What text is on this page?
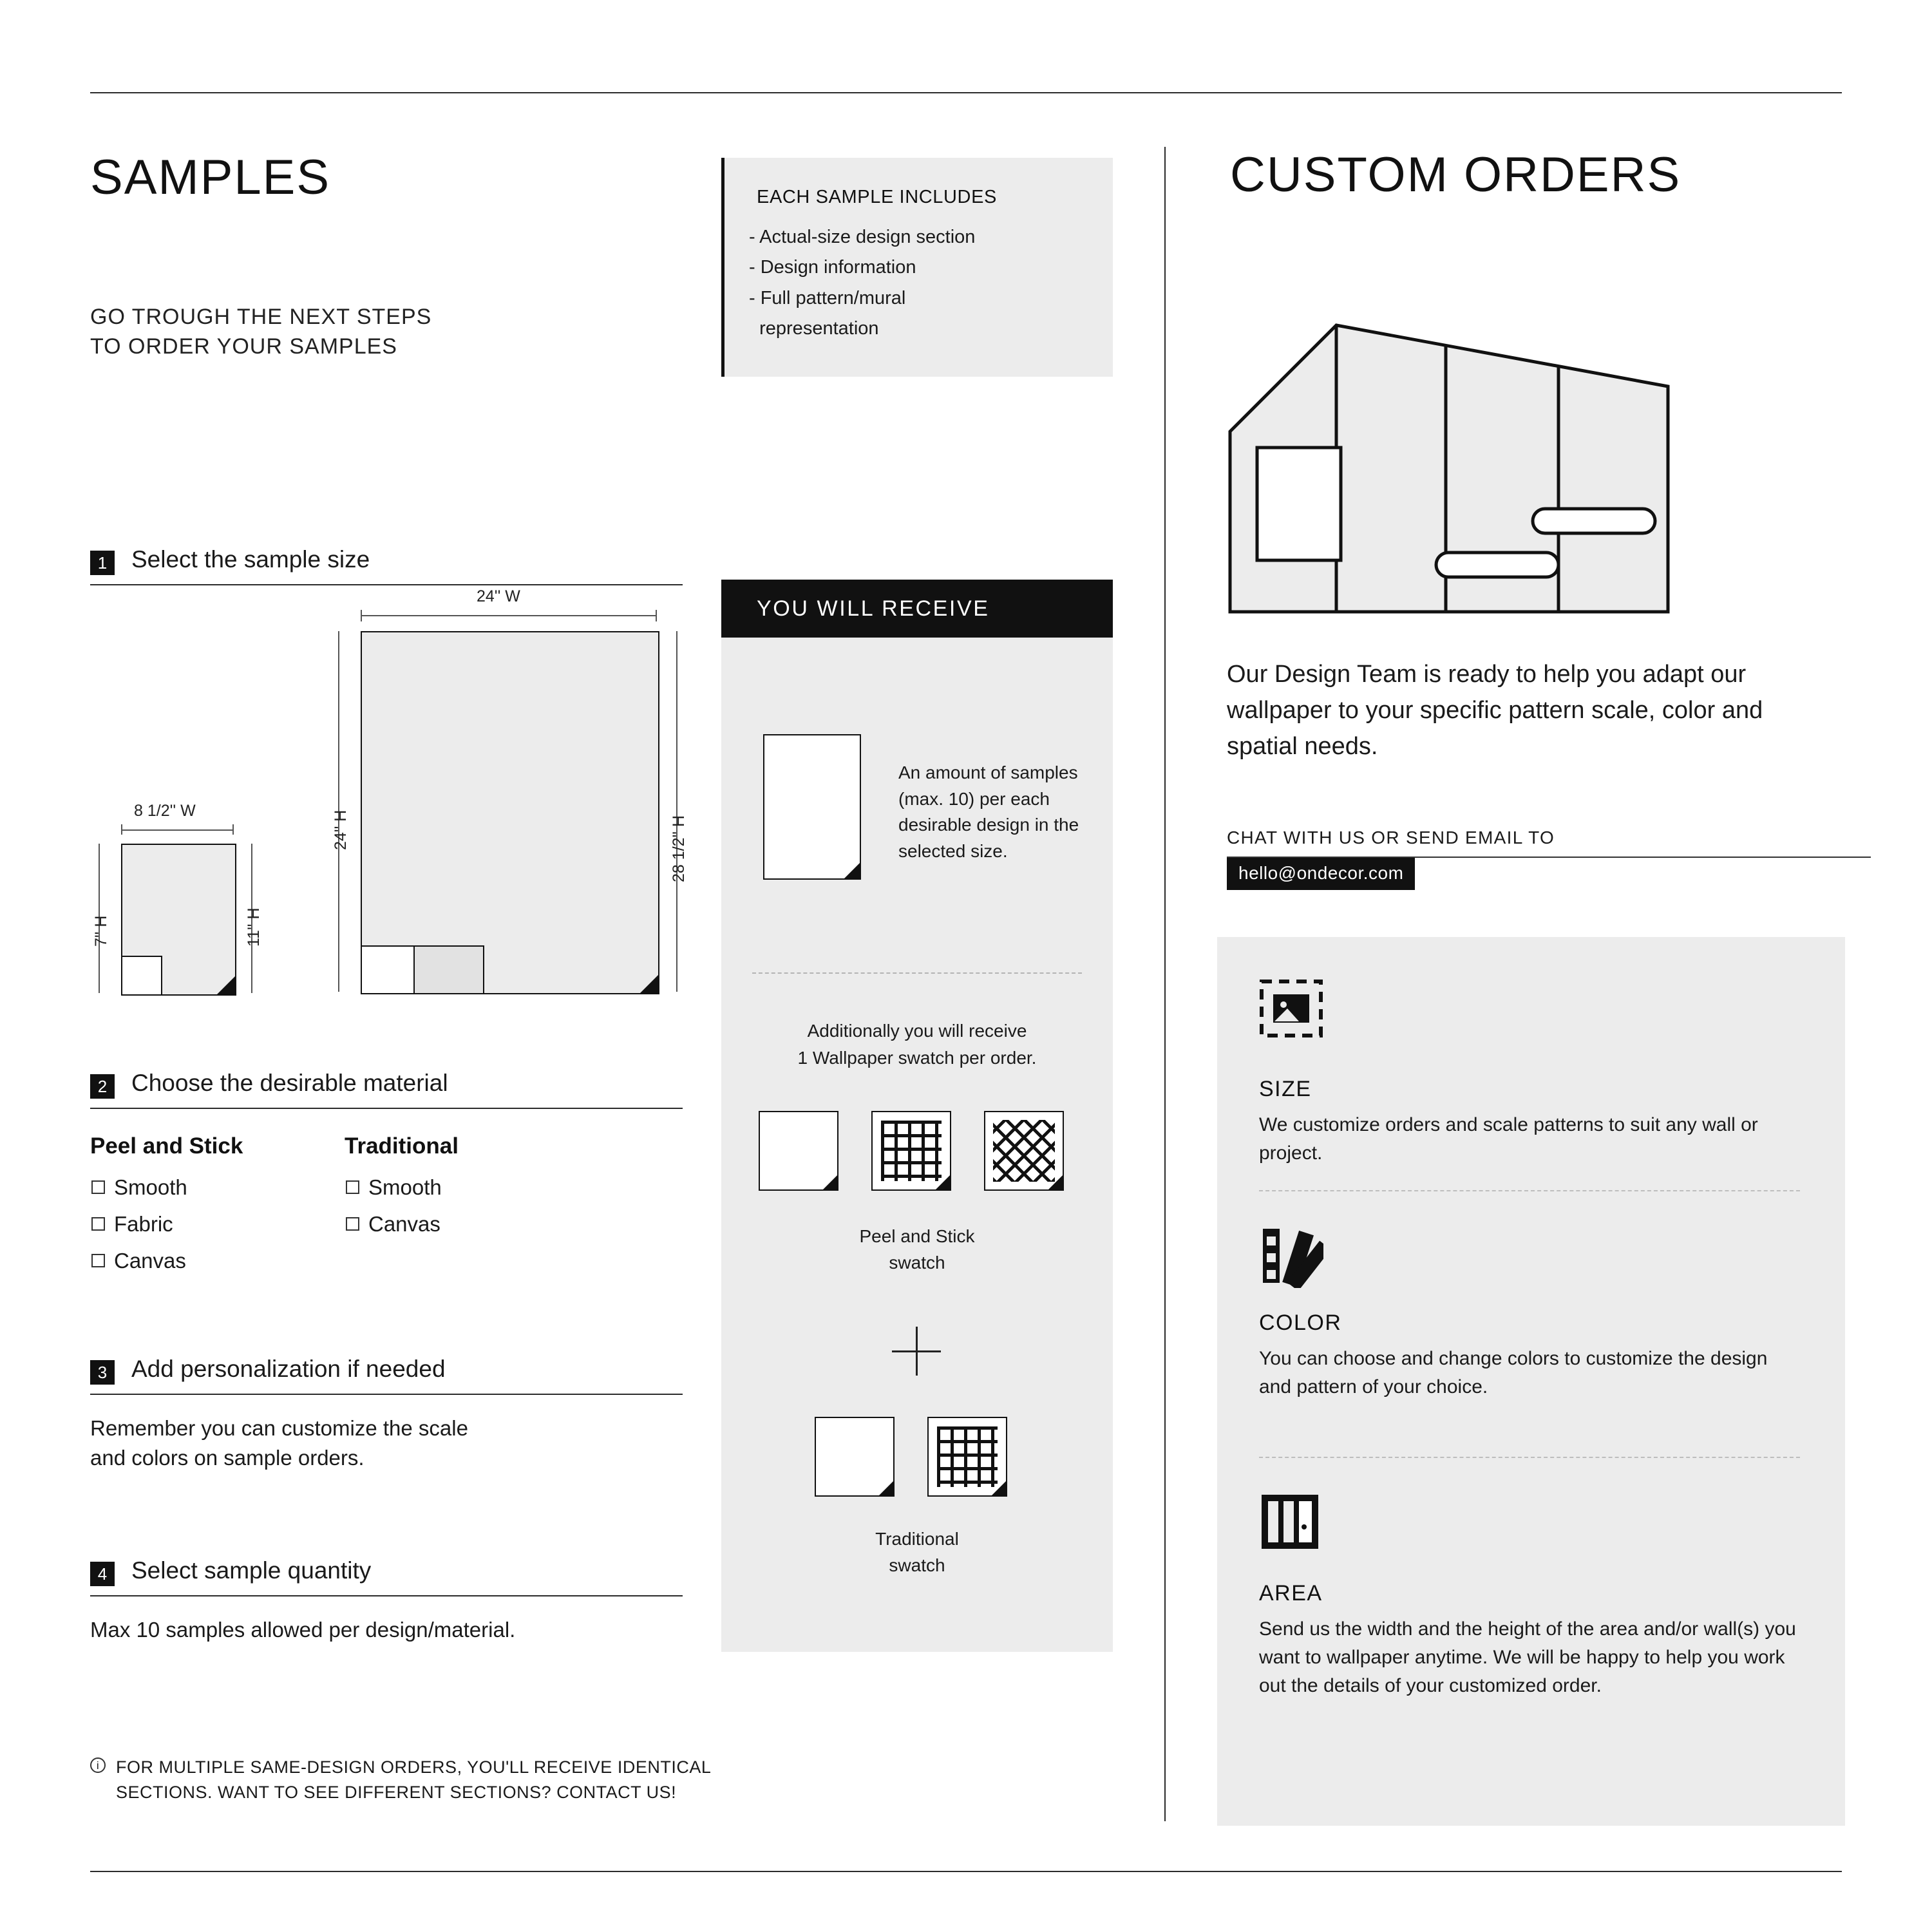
SAMPLES
GO TROUGH THE NEXT STEPS
TO ORDER YOUR SAMPLES
EACH SAMPLE INCLUDES
- Actual-size design section
- Design information
- Full pattern/mural
representation
1	Select the sample size
24'' W
24'' H	28 1/2'' H
8 1/2'' W
7'' H	11'' H
2	Choose the desirable material
Peel and Stick
Smooth
Fabric
Canvas
Traditional
Smooth
Canvas
3	Add personalization if needed
Remember you can customize the scale
and colors on sample orders.
4	Select sample quantity
Max 10 samples allowed per design/material.
i FOR MULTIPLE SAME-DESIGN ORDERS, YOU'LL RECEIVE IDENTICAL
SECTIONS. WANT TO SEE DIFFERENT SECTIONS? CONTACT US!
YOU WILL RECEIVE
An amount of samples (max. 10) per each desirable design in the selected size.
Additionally you will receive
1 Wallpaper swatch per order.
Peel and Stick
swatch
Traditional
swatch
CUSTOM ORDERS
Our Design Team is ready to help you adapt our wallpaper to your specific pattern scale, color and spatial needs.
CHAT WITH US OR SEND EMAIL TO
hello@ondecor.com
SIZE
We customize orders and scale patterns to suit any wall or project.
COLOR
You can choose and change colors to customize the design and pattern of your choice.
AREA
Send us the width and the height of the area and/or wall(s) you want to wallpaper anytime. We will be happy to help you work out the details of your customized order.
